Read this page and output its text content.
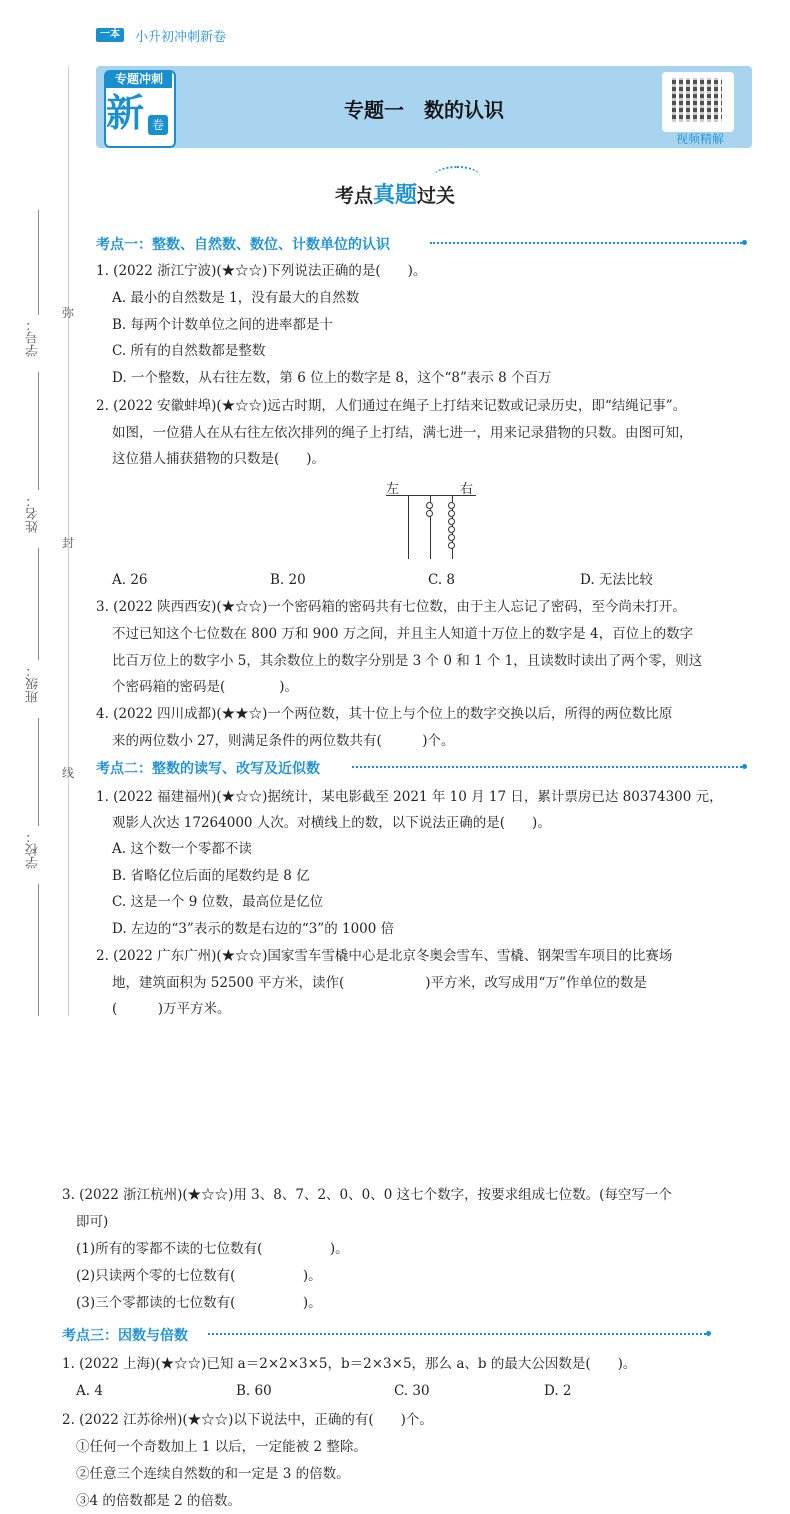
一本	小升初冲刺新卷
专题冲刺
新 卷
专题一　数的认识
视频精解
考点真题过关
学号：
姓名：
班级：
学校：
弥
封
线
考点一：整数、自然数、数位、计数单位的认识
1. (2022 浙江宁波)(★☆☆)下列说法正确的是(　　)。
A. 最小的自然数是 1，没有最大的自然数
B. 每两个计数单位之间的进率都是十
C. 所有的自然数都是整数
D. 一个整数，从右往左数，第 6 位上的数字是 8，这个“8”表示 8 个百万
2. (2022 安徽蚌埠)(★☆☆)远古时期，人们通过在绳子上打结来记数或记录历史，即“结绳记事”。
如图，一位猎人在从右往左依次排列的绳子上打结，满七进一，用来记录猎物的只数。由图可知，
这位猎人捕获猎物的只数是(　　)。
左	右
A. 26	B. 20	C. 8	D. 无法比较
3. (2022 陕西西安)(★☆☆)一个密码箱的密码共有七位数，由于主人忘记了密码，至今尚未打开。
不过已知这个七位数在 800 万和 900 万之间，并且主人知道十万位上的数字是 4，百位上的数字
比百万位上的数字小 5，其余数位上的数字分别是 3 个 0 和 1 个 1，且读数时读出了两个零，则这
个密码箱的密码是(　　　　)。
4. (2022 四川成都)(★★☆)一个两位数，其十位上与个位上的数字交换以后，所得的两位数比原
来的两位数小 27，则满足条件的两位数共有(　　　)个。
考点二：整数的读写、改写及近似数
1. (2022 福建福州)(★☆☆)据统计，某电影截至 2021 年 10 月 17 日，累计票房已达 80374300 元，
观影人次达 17264000 人次。对横线上的数，以下说法正确的是(　　)。
A. 这个数一个零都不读
B. 省略亿位后面的尾数约是 8 亿
C. 这是一个 9 位数，最高位是亿位
D. 左边的“3”表示的数是右边的“3”的 1000 倍
2. (2022 广东广州)(★☆☆)国家雪车雪橇中心是北京冬奥会雪车、雪橇、钢架雪车项目的比赛场
地，建筑面积为 52500 平方米，读作(　　　　　　)平方米，改写成用“万”作单位的数是
(　　　)万平方米。
3. (2022 浙江杭州)(★☆☆)用 3、8、7、2、0、0、0 这七个数字，按要求组成七位数。(每空写一个
即可)
(1)所有的零都不读的七位数有(　　　　　)。
(2)只读两个零的七位数有(　　　　　)。
(3)三个零都读的七位数有(　　　　　)。
考点三：因数与倍数
1. (2022 上海)(★☆☆)已知 a＝2×2×3×5，b＝2×3×5，那么 a、b 的最大公因数是(　　)。
A. 4	B. 60	C. 30	D. 2
2. (2022 江苏徐州)(★☆☆)以下说法中，正确的有(　　)个。
①任何一个奇数加上 1 以后，一定能被 2 整除。
②任意三个连续自然数的和一定是 3 的倍数。
③4 的倍数都是 2 的倍数。
